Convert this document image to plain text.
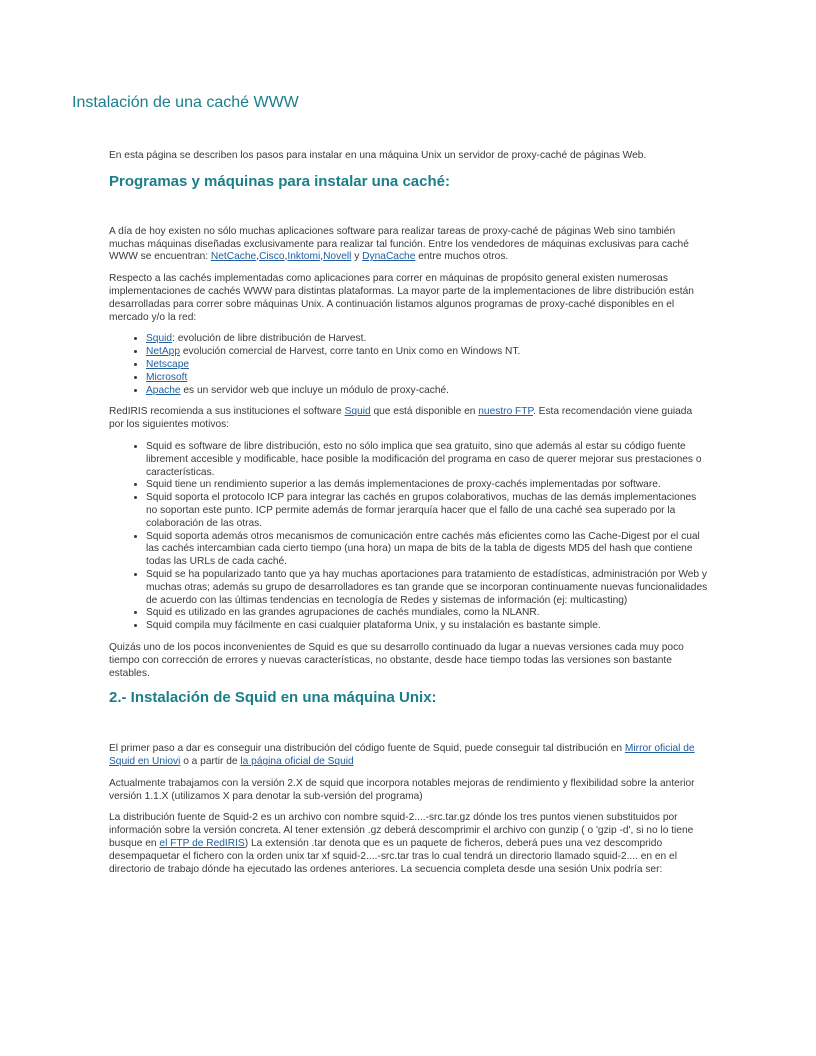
Instalación de una caché WWW

En esta página se describen los pasos para instalar en una máquina Unix un servidor de proxy-caché de páginas Web.

Programas y máquinas para instalar una caché:

A día de hoy existen no sólo muchas aplicaciones software para realizar tareas de proxy-caché de páginas Web sino también muchas máquinas diseñadas exclusivamente para realizar tal función. Entre los vendedores de máquinas exclusivas para caché WWW se encuentran: NetCache,Cisco,Inktomi,Novell y DynaCache entre muchos otros.

Respecto a las cachés implementadas como aplicaciones para correr en máquinas de propósito general existen numerosas implementaciones de cachés WWW para distintas plataformas. La mayor parte de la implementaciones de libre distribución están desarrolladas para correr sobre máquinas Unix. A continuación listamos algunos programas de proxy-caché disponibles en el mercado y/o la red:

• Squid: evolución de libre distribución de Harvest.
• NetApp evolución comercial de Harvest, corre tanto en Unix como en Windows NT.
• Netscape
• Microsoft
• Apache es un servidor web que incluye un módulo de proxy-caché.

RedIRIS recomienda a sus instituciones el software Squid que está disponible en nuestro FTP. Esta recomendación viene guiada por los siguientes motivos:

• Squid es software de libre distribución, esto no sólo implica que sea gratuito, sino que además al estar su código fuente librement accesible y modificable, hace posible la modificación del programa en caso de querer mejorar sus prestaciones o características.
• Squid tiene un rendimiento superior a las demás implementaciones de proxy-cachés implementadas por software.
• Squid soporta el protocolo ICP para integrar las cachés en grupos colaborativos, muchas de las demás implementaciones no soportan este punto. ICP permite además de formar jerarquía hacer que el fallo de una caché sea superado por la colaboración de las otras.
• Squid soporta además otros mecanismos de comunicación entre cachés más eficientes como las Cache-Digest por el cual las cachés intercambian cada cierto tiempo (una hora) un mapa de bits de la tabla de digests MD5 del hash que contiene todas las URLs de cada caché.
• Squid se ha popularizado tanto que ya hay muchas aportaciones para tratamiento de estadísticas, administración por Web y muchas otras; además su grupo de desarrolladores es tan grande que se incorporan continuamente nuevas funcionalidades de acuerdo con las últimas tendencias en tecnología de Redes y sistemas de información (ej: multicasting)
• Squid es utilizado en las grandes agrupaciones de cachés mundiales, como la NLANR.
• Squid compila muy fácilmente en casi cualquier plataforma Unix, y su instalación es bastante simple.

Quizás uno de los pocos inconvenientes de Squid es que su desarrollo continuado da lugar a nuevas versiones cada muy poco tiempo con corrección de errores y nuevas características, no obstante, desde hace tiempo todas las versiones son bastante estables.

2.- Instalación de Squid en una máquina Unix:

El primer paso a dar es conseguir una distribución del código fuente de Squid, puede conseguir tal distribución en Mirror oficial de Squid en Uniovi o a partir de la página oficial de Squid

Actualmente trabajamos con la versión 2.X de squid que incorpora notables mejoras de rendimiento y flexibilidad sobre la anterior versión 1.1.X (utilizamos X para denotar la sub-versión del programa)

La distribución fuente de Squid-2 es un archivo con nombre squid-2....-src.tar.gz dónde los tres puntos vienen substituidos por información sobre la versión concreta. Al tener extensión .gz deberá descomprimir el archivo con gunzip ( o 'gzip -d', si no lo tiene busque en el FTP de RedIRIS) La extensión .tar denota que es un paquete de ficheros, deberá pues una vez descomprido desempaquetar el fichero con la orden unix tar xf squid-2....-src.tar tras lo cual tendrá un directorio llamado squid-2.... en en el directorio de trabajo dónde ha ejecutado las ordenes anteriores. La secuencia completa desde una sesión Unix podría ser:
